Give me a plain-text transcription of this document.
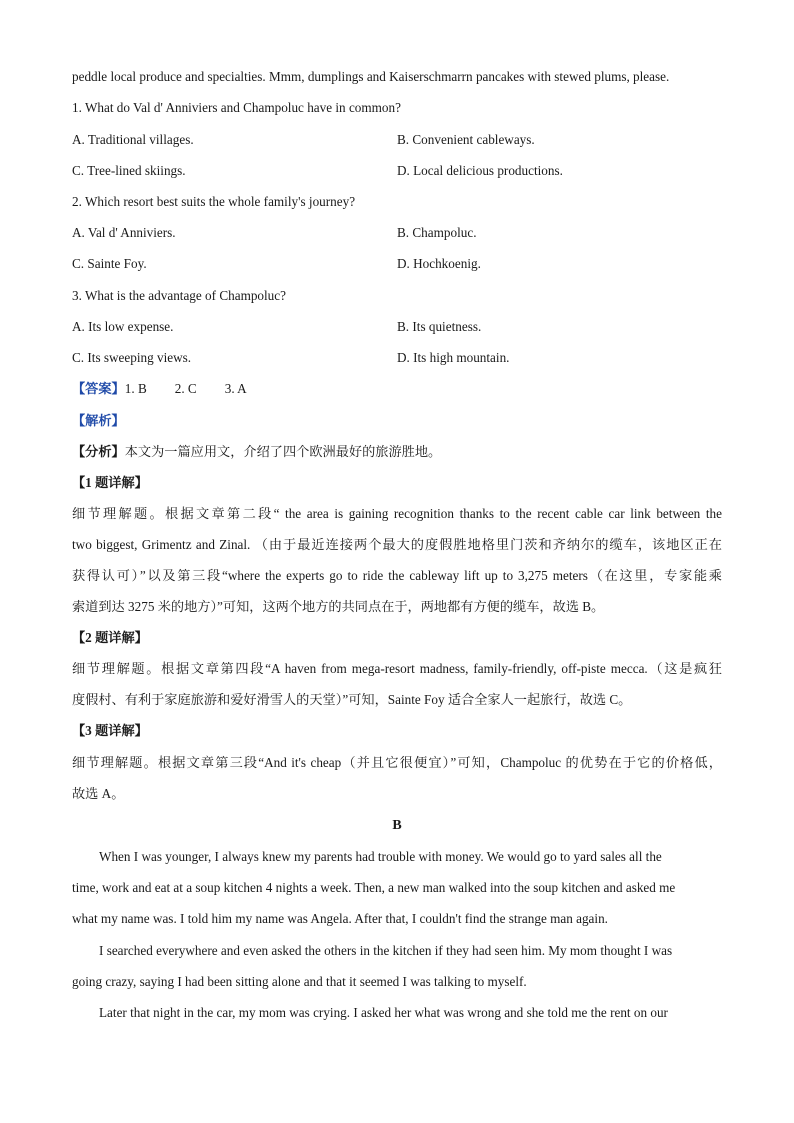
peddle local produce and specialties. Mmm, dumplings and Kaiserschmarrn pancakes with stewed plums, please.
1. What do Val d' Anniviers and Champoluc have in common?
A. Traditional villages.	B. Convenient cableways.
C. Tree-lined skiings.	D. Local delicious productions.
2. Which resort best suits the whole family's journey?
A. Val d' Anniviers.	B. Champoluc.
C. Sainte Foy.	D. Hochkoenig.
3. What is the advantage of Champoluc?
A. Its low expense.	B. Its quietness.
C. Its sweeping views.	D. Its high mountain.
【答案】1. B 2. C 3. A
【解析】
【分析】本文为一篇应用文，介绍了四个欧洲最好的旅游胜地。
【1 题详解】
细节理解题。根据文章第二段“ the area is gaining recognition thanks to the recent cable car link between the
two biggest, Grimentz and Zinal. （由于最近连接两个最大的度假胜地格里门茨和齐纳尔的缆车，该地区正在
获得认可）”以及第三段“where the experts go to ride the cableway lift up to 3,275 meters（在这里，专家能乘
索道到达 3275 米的地方）”可知，这两个地方的共同点在于，两地都有方便的缆车，故选 B。
【2 题详解】
细节理解题。根据文章第四段“A haven from mega-resort madness, family-friendly, off-piste mecca.（这是疯狂
度假村、有利于家庭旅游和爱好滑雪人的天堂）”可知，Sainte Foy 适合全家人一起旅行，故选 C。
【3 题详解】
细节理解题。根据文章第三段“And it's cheap（并且它很便宜）”可知，Champoluc 的优势在于它的价格低，
故选 A。
B
When I was younger, I always knew my parents had trouble with money. We would go to yard sales all the
time, work and eat at a soup kitchen 4 nights a week. Then, a new man walked into the soup kitchen and asked me
what my name was. I told him my name was Angela. After that, I couldn't find the strange man again.
I searched everywhere and even asked the others in the kitchen if they had seen him. My mom thought I was
going crazy, saying I had been sitting alone and that it seemed I was talking to myself.
Later that night in the car, my mom was crying. I asked her what was wrong and she told me the rent on our
